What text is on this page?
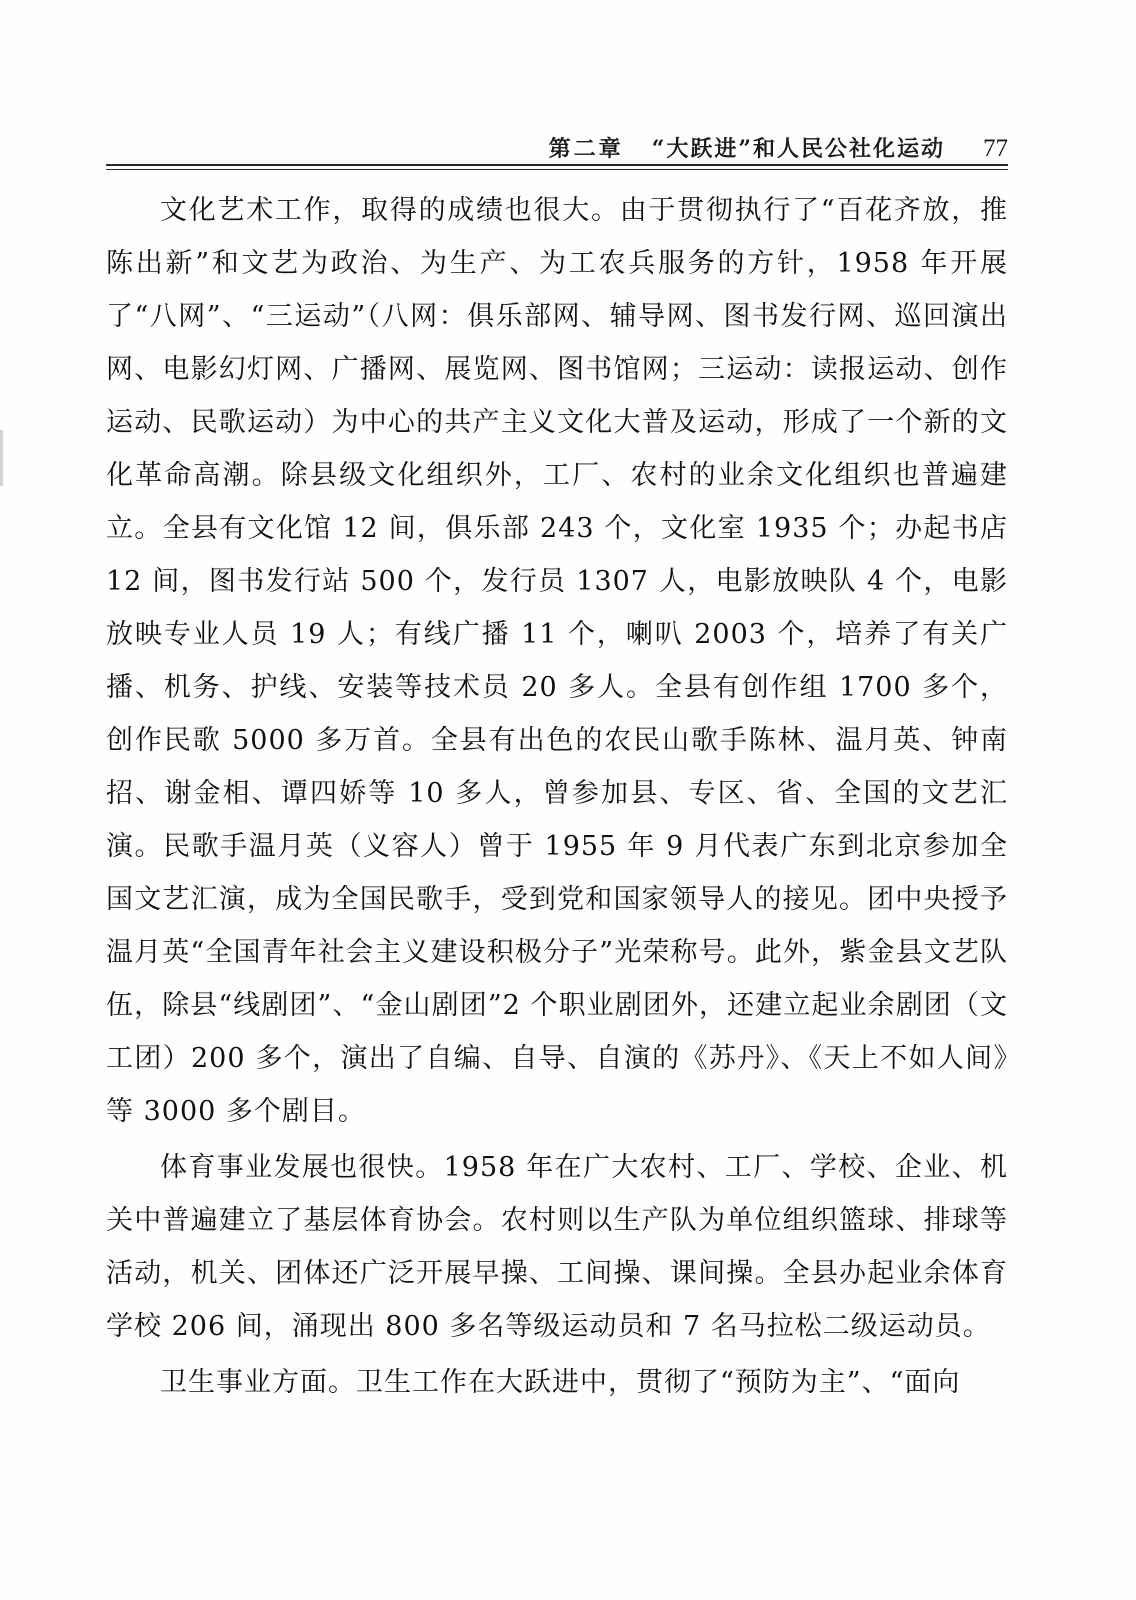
第二章 “大跃进”和人民公社化运动 77

文化艺术工作，取得的成绩也很大。由于贯彻执行了“百花齐放，推陈出新”和文艺为政治、为生产、为工农兵服务的方针，1958 年开展了“八网”、“三运动”（八网：俱乐部网、辅导网、图书发行网、巡回演出网、电影幻灯网、广播网、展览网、图书馆网；三运动：读报运动、创作运动、民歌运动）为中心的共产主义文化大普及运动，形成了一个新的文化革命高潮。除县级文化组织外，工厂、农村的业余文化组织也普遍建立。全县有文化馆 12 间，俱乐部 243 个，文化室 1935 个；办起书店 12 间，图书发行站 500 个，发行员 1307 人，电影放映队 4 个，电影放映专业人员 19 人；有线广播 11 个，喇叭 2003 个，培养了有关广播、机务、护线、安装等技术员 20 多人。全县有创作组 1700 多个，创作民歌 5000 多万首。全县有出色的农民山歌手陈林、温月英、钟南招、谢金相、谭四娇等 10 多人，曾参加县、专区、省、全国的文艺汇演。民歌手温月英（义容人）曾于 1955 年 9 月代表广东到北京参加全国文艺汇演，成为全国民歌手，受到党和国家领导人的接见。团中央授予温月英“全国青年社会主义建设积极分子”光荣称号。此外，紫金县文艺队伍，除县“线剧团”、“金山剧团”2 个职业剧团外，还建立起业余剧团（文工团）200 多个，演出了自编、自导、自演的《苏丹》、《天上不如人间》等 3000 多个剧目。

体育事业发展也很快。1958 年在广大农村、工厂、学校、企业、机关中普遍建立了基层体育协会。农村则以生产队为单位组织篮球、排球等活动，机关、团体还广泛开展早操、工间操、课间操。全县办起业余体育学校 206 间，涌现出 800 多名等级运动员和 7 名马拉松二级运动员。

卫生事业方面。卫生工作在大跃进中，贯彻了“预防为主”、“面向
